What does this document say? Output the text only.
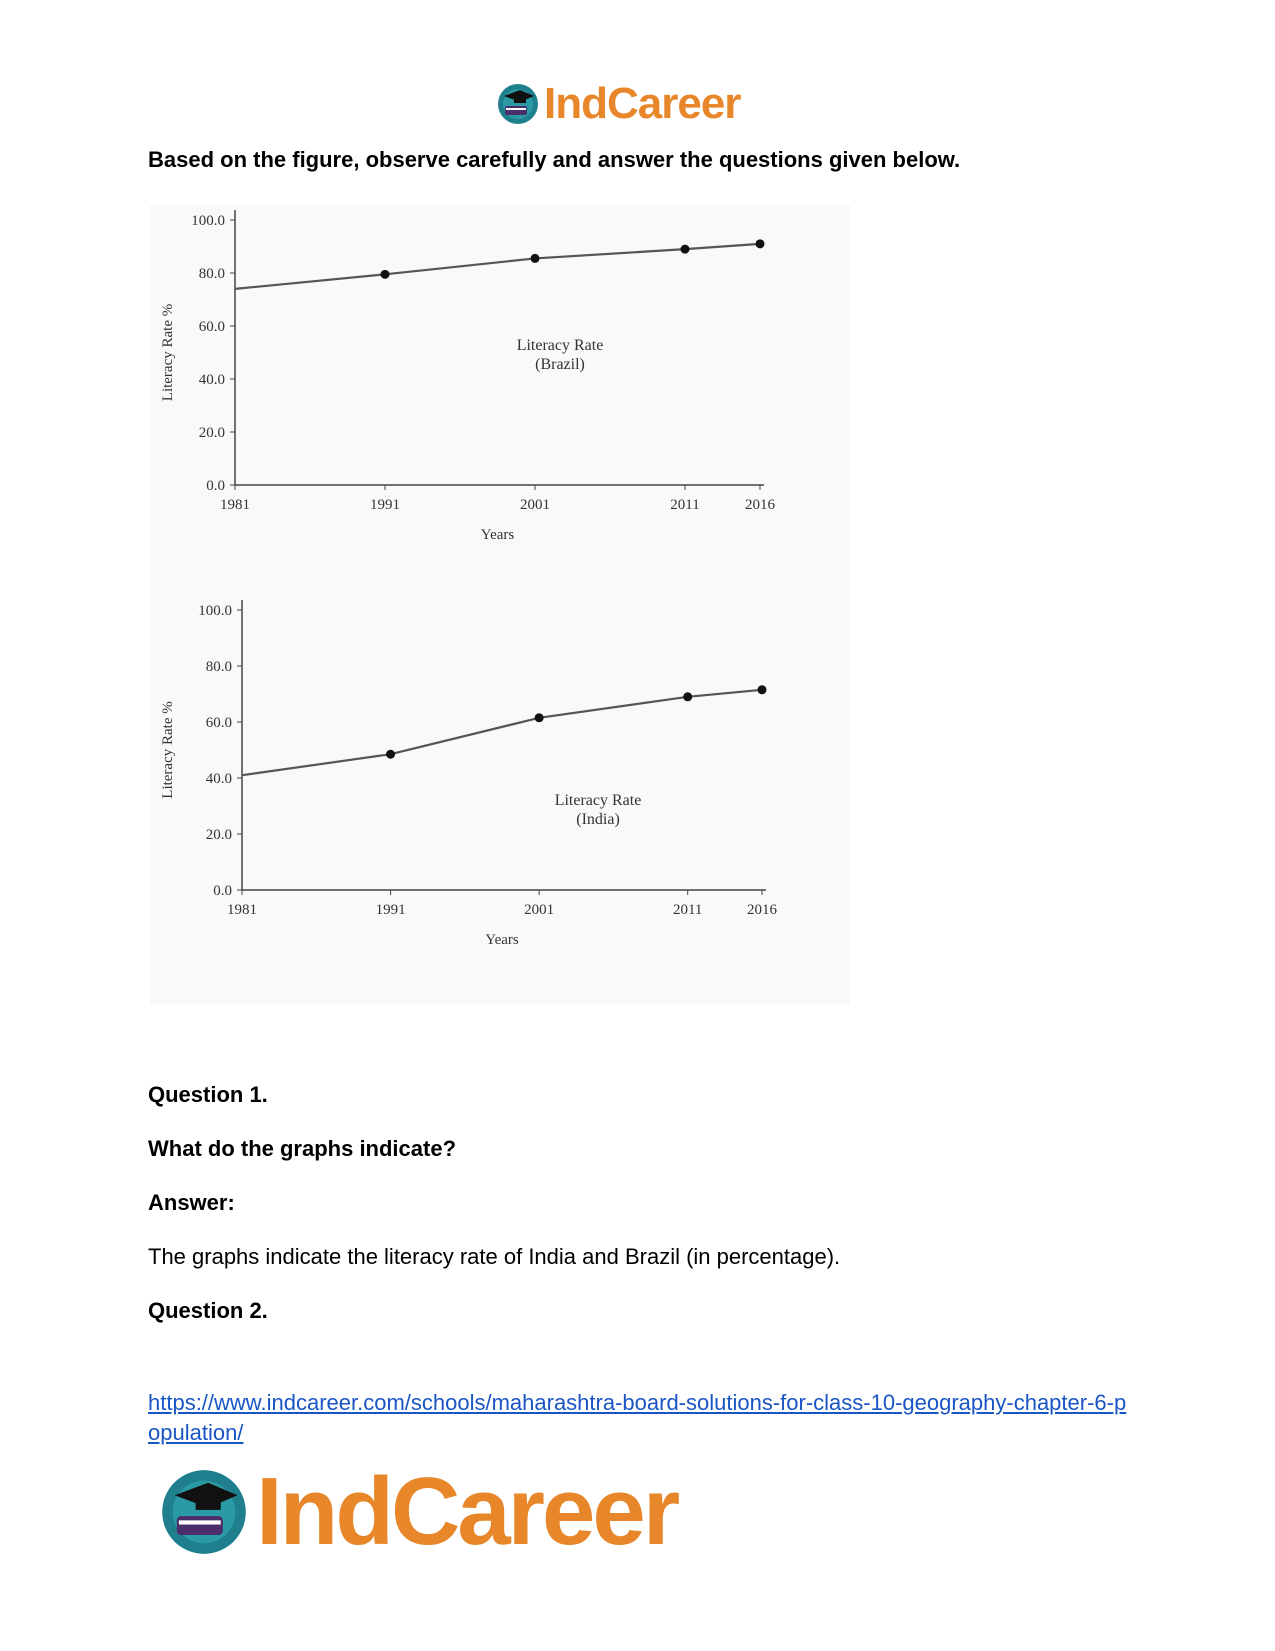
IndCareer
Based on the figure, observe carefully and answer the questions given below.
0.0
20.0
40.0
60.0
80.0
100.0
1981	1991	2001	2011	2016
Years
Literacy Rate %	Literacy Rate
(Brazil)
0.0
20.0
40.0
60.0
80.0
100.0
1981	1991	2001	2011	2016
Years
Literacy Rate %
Literacy Rate
(India)
Question 1.
What do the graphs indicate?
Answer:
The graphs indicate the literacy rate of India and Brazil (in percentage).
Question 2.
https://www.indcareer.com/schools/maharashtra-board-solutions-for-class-10-geography-chapter-6-population/
IndCareer
